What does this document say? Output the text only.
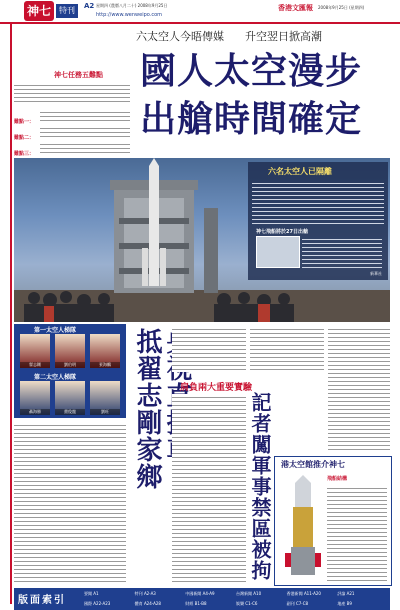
神七	特刊	A2 星期四 (農曆八月二十) 2008年9月25日
http://www.wenweipo.com
香港文匯報 2008年9月25日 (星期四)
神七任務五難點
難點一：
難點二：
難點三：
六太空人今晤傳媒 升空翌日掀高潮
國人太空漫步
出艙時間確定
六名太空人已隔離
神七飛船將於27日出艙
新華社
第一太空人梯隊
翟志剛	劉伯明	景海鵬
第二太空人梯隊
聶海勝	費俊龍	劉旺 抵翟志剛家鄉	肩負兩大重要實驗
記者闖軍事禁區被拘 港太空館推介神七
飛船結構
版面索引
要聞 A1	特刊 A2-A3	中國新聞 A4-A9	台灣新聞 A10	香港新聞 A11-A20	評論 A21
國際 A22-A23	體育 A24-A28	財經 B1-B8	娛樂 C1-C6	副刊 C7-C8	地產 B9
